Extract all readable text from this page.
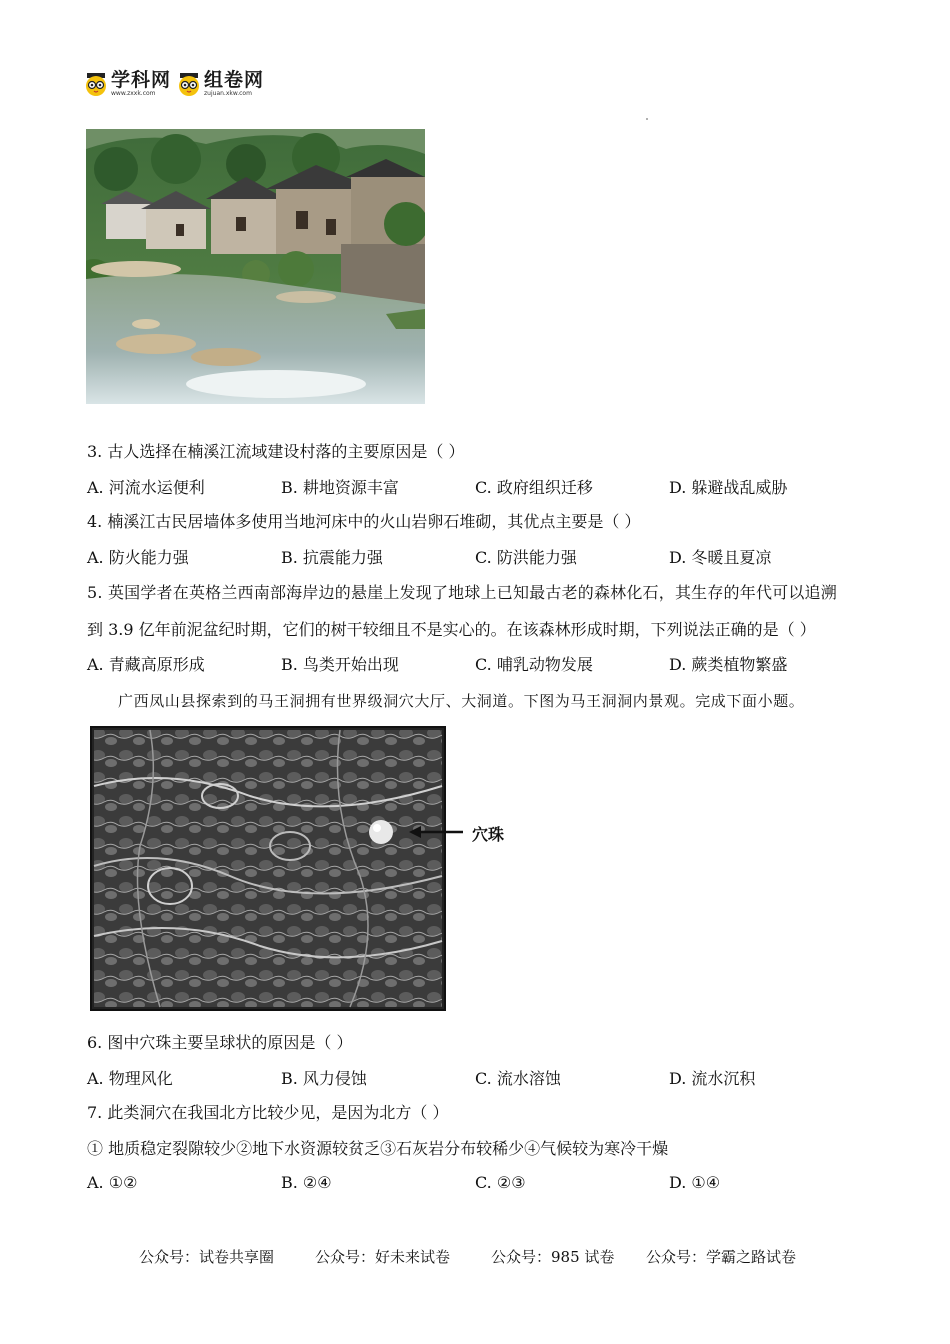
学科网
www.zxxk.com
组卷网
zujuan.xkw.com
3. 古人选择在楠溪江流域建设村落的主要原因是（ ）
A. 河流水运便利	B. 耕地资源丰富	C. 政府组织迁移	D. 躲避战乱威胁
4. 楠溪江古民居墙体多使用当地河床中的火山岩卵石堆砌，其优点主要是（ ）
A. 防火能力强	B. 抗震能力强	C. 防洪能力强	D. 冬暖且夏凉
5. 英国学者在英格兰西南部海岸边的悬崖上发现了地球上已知最古老的森林化石，其生存的年代可以追溯
到 3.9 亿年前泥盆纪时期，它们的树干较细且不是实心的。在该森林形成时期，下列说法正确的是（ ）
A. 青藏高原形成	B. 鸟类开始出现	C. 哺乳动物发展	D. 蕨类植物繁盛
广西凤山县探索到的马王洞拥有世界级洞穴大厅、大洞道。下图为马王洞洞内景观。完成下面小题。
穴珠
6. 图中穴珠主要呈球状的原因是（ ）
A. 物理风化	B. 风力侵蚀	C. 流水溶蚀	D. 流水沉积
7. 此类洞穴在我国北方比较少见，是因为北方（ ）
① 地质稳定裂隙较少②地下水资源较贫乏③石灰岩分布较稀少④气候较为寒冷干燥
A. ①②	B. ②④	C. ②③	D. ①④
公众号：试卷共享圈	公众号：好未来试卷	公众号：985 试卷 公众号：学霸之路试卷
